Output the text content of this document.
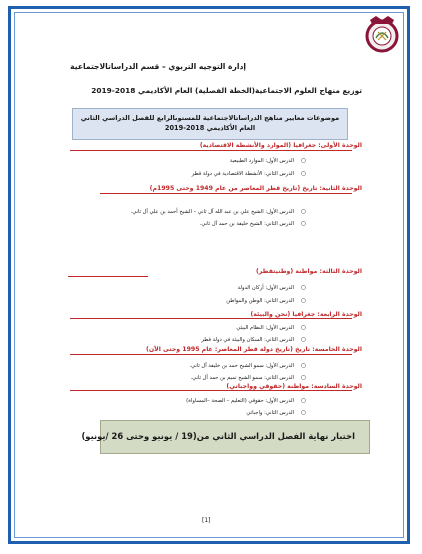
إدارة التوجيه التربوي – قسم الدراساتالاجتماعية
توزيع منهاج العلوم الاجتماعية(الخطة الفصلية) العام الأكاديمي 2018-2019
موضوعات معايير مناهج الدراساتالاجتماعية للمستوىالرابع للفصل الدراسي الثاني
العام الأكاديمي 2018-2019
الوحدة الأولى: جغرافيا (الموارد والأنشطة الاقتصادية)
الدرس الأول: الموارد الطبيعية ○
الدرس الثاني: الأنشطة الاقتصادية في دولة قطر ○
الوحدة الثانية: تاريخ (تاريخ قطر المعاصر من عام 1949 وحتى 1995م)
الدرس الأول: الشيخ علي بن عبد الله آل ثاني – الشيخ أحمد بن علي آل ثاني. ○
الدرس الثاني: الشيخ خليفة بن حمد آل ثاني. ○
الوحدة الثالثة: مواطنة (وطنيتقطر)
الدرس الأول: أركان الدولة ○
الدرس الثاني: الوطن والمواطن ○
الوحدة الرابعة: جغرافيا (نحن والبيئة)
الدرس الأول: النظام البيئي ○
الدرس الثاني: السكان والبيئة في دولة قطر ○
الوحدة الخامسة: تاريخ (تاريخ دولة قطر المعاصر: عام 1995 وحتى الآن)
الدرس الأول: سمو الشيخ حمد بن خليفة آل ثاني. ○
الدرس الثاني: سمو الشيخ تميم بن حمد آل ثاني. ○
الوحدة السادسة: مواطنة (حقوقي وواجباتي)
الدرس الأول: حقوقي (التعليم – الصحة –المساواة) ○
الدرس الثاني: واجباتي ○
اختبار نهاية الفصل الدراسي الثاني من(19 / يونيو وحتى 26 /يونيو)
[1]
